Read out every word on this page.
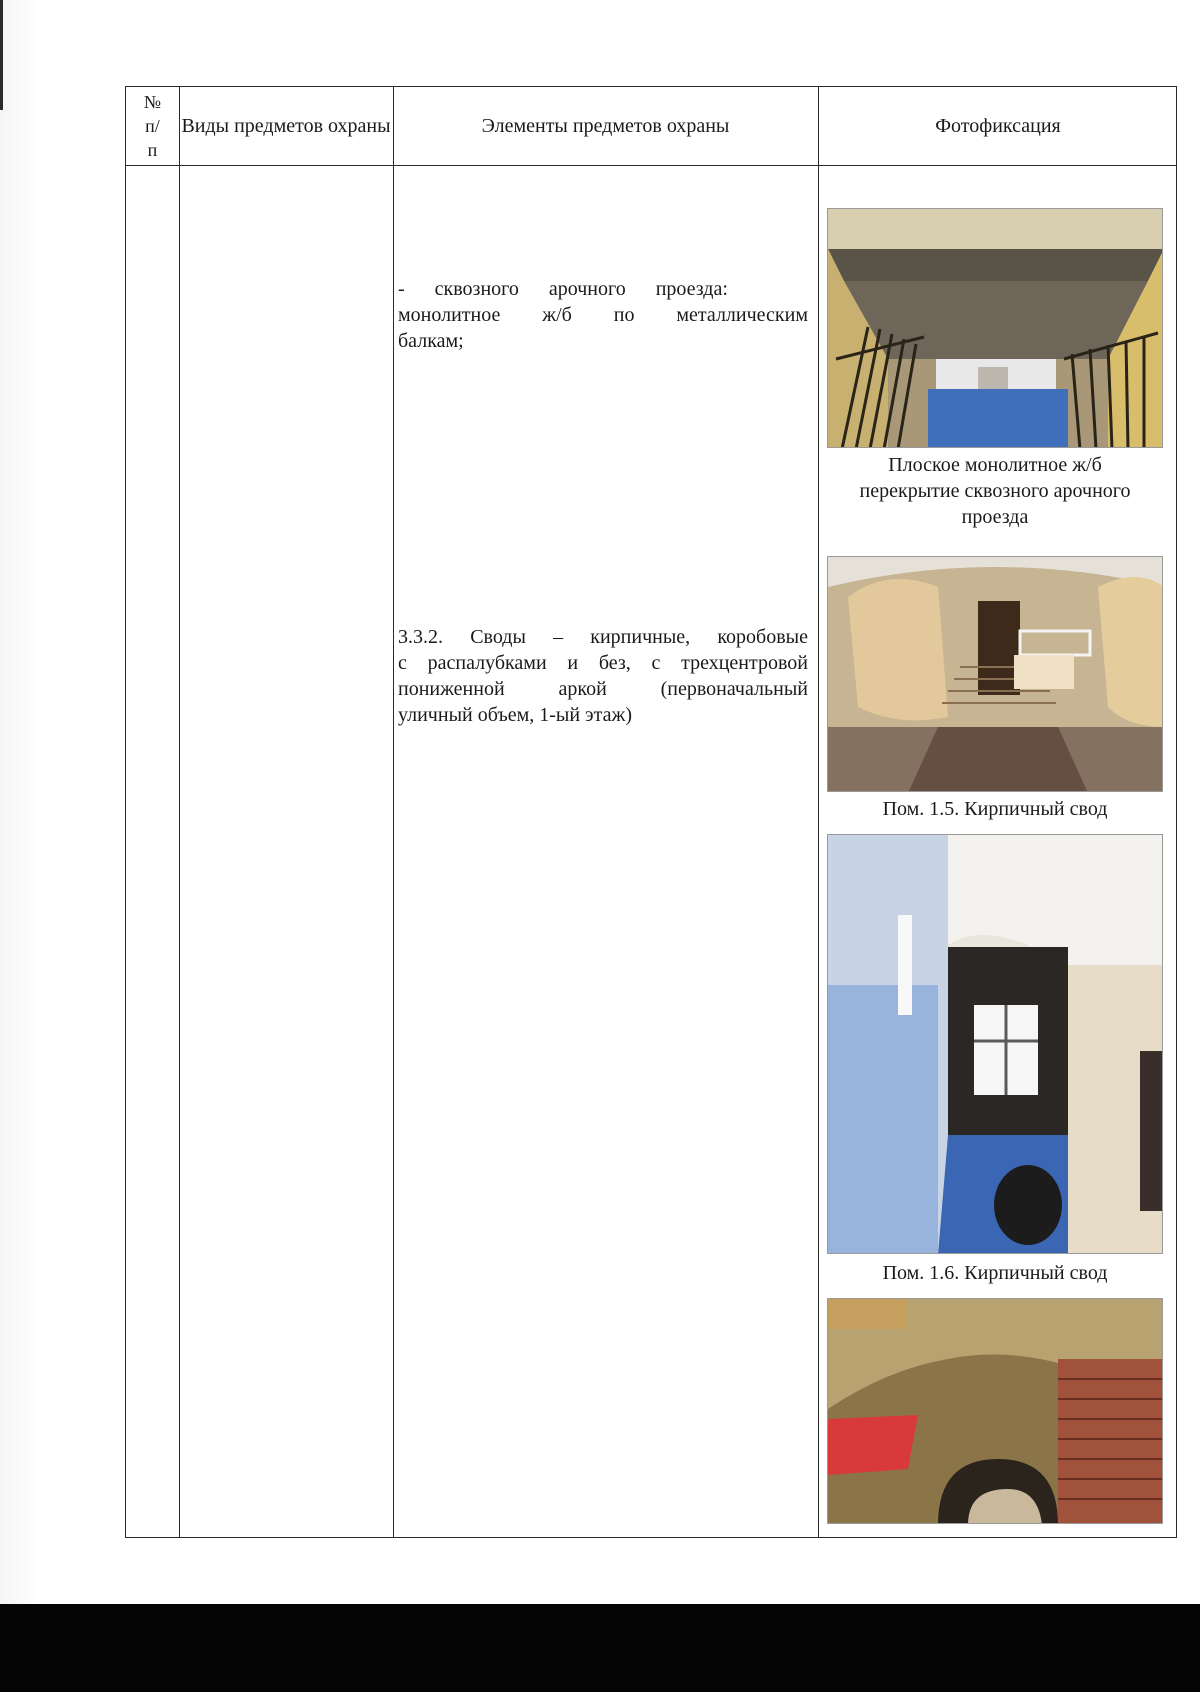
№
п/
п
Виды предметов охраны	Элементы предметов охраны	Фотофиксация
-      сквозного      арочного      проезда:
монолитное ж/б по металлическим
балкам;
3.3.2. Своды – кирпичные, коробовые
с распалубками и без, с трехцентровой
пониженной аркой (первоначальный
уличный объем, 1-ый этаж)
Плоское монолитное ж/б
перекрытие сквозного арочного
проезда
Пом. 1.5. Кирпичный свод
Пом. 1.6. Кирпичный свод
